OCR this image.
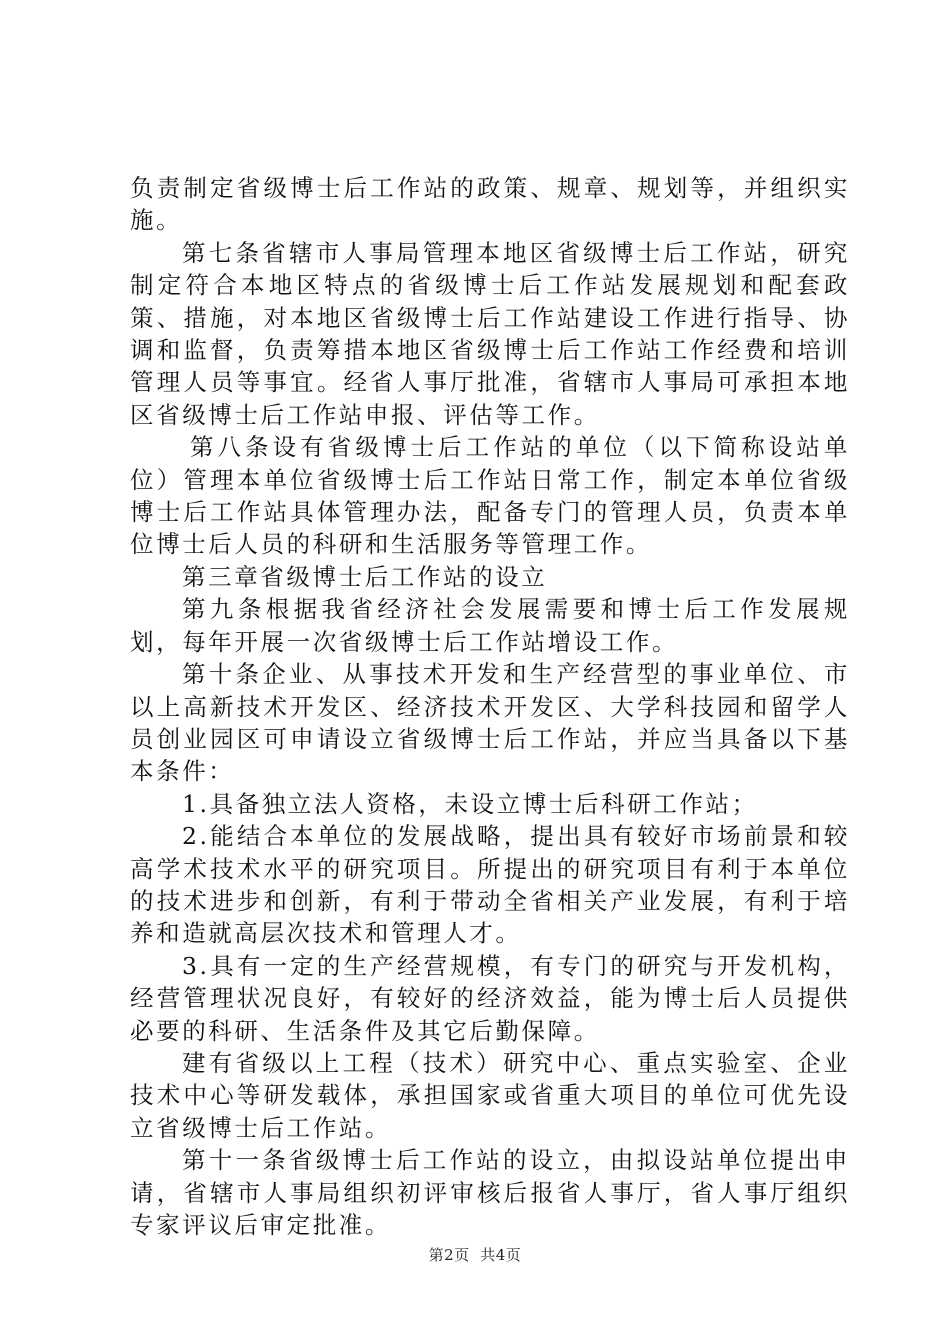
负责制定省级博士后工作站的政策、规章、规划等，并组织实施。

第七条省辖市人事局管理本地区省级博士后工作站，研究制定符合本地区特点的省级博士后工作站发展规划和配套政策、措施，对本地区省级博士后工作站建设工作进行指导、协调和监督，负责筹措本地区省级博士后工作站工作经费和培训管理人员等事宜。经省人事厅批准，省辖市人事局可承担本地区省级博士后工作站申报、评估等工作。

第八条设有省级博士后工作站的单位（以下简称设站单位）管理本单位省级博士后工作站日常工作，制定本单位省级博士后工作站具体管理办法，配备专门的管理人员，负责本单位博士后人员的科研和生活服务等管理工作。

第三章省级博士后工作站的设立

第九条根据我省经济社会发展需要和博士后工作发展规划，每年开展一次省级博士后工作站增设工作。

第十条企业、从事技术开发和生产经营型的事业单位、市以上高新技术开发区、经济技术开发区、大学科技园和留学人员创业园区可申请设立省级博士后工作站，并应当具备以下基本条件：

1.具备独立法人资格，未设立博士后科研工作站；

2.能结合本单位的发展战略，提出具有较好市场前景和较高学术技术水平的研究项目。所提出的研究项目有利于本单位的技术进步和创新，有利于带动全省相关产业发展，有利于培养和造就高层次技术和管理人才。

3.具有一定的生产经营规模，有专门的研究与开发机构，经营管理状况良好，有较好的经济效益，能为博士后人员提供必要的科研、生活条件及其它后勤保障。

建有省级以上工程（技术）研究中心、重点实验室、企业技术中心等研发载体，承担国家或省重大项目的单位可优先设立省级博士后工作站。

第十一条省级博士后工作站的设立，由拟设站单位提出申请，省辖市人事局组织初评审核后报省人事厅，省人事厅组织专家评议后审定批准。

第2页 共4页
